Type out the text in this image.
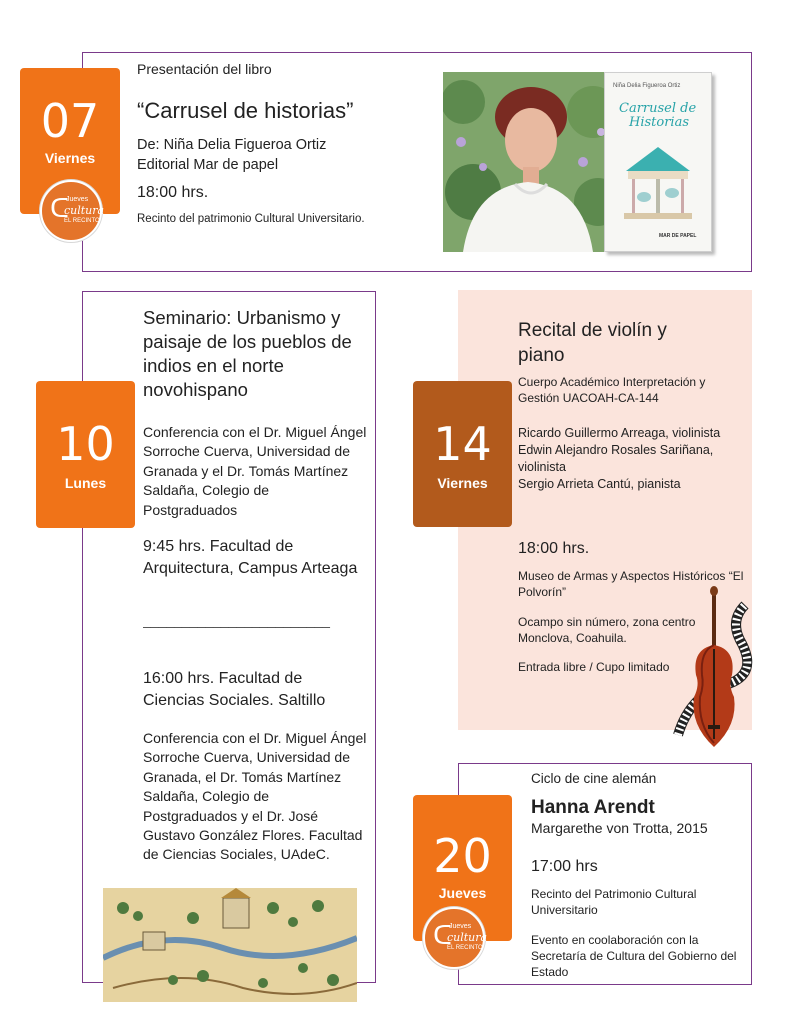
07
Viernes
ᑕ
Jueves
cultura
EL RECINTO

Presentación del libro

“Carrusel de historias”

De: Niña Delia Figueroa Ortiz

Editorial Mar de papel

18:00 hrs.

Recinto del patrimonio Cultural Universitario.

Niña Delia Figueroa Ortiz
Carrusel de
Historias
MAR DE PAPEL
10
Lunes

Seminario: Urbanismo y paisaje de los pueblos de indios en el norte novohispano

Conferencia con el Dr. Miguel Ángel Sorroche Cuerva, Universidad de Granada y el Dr. Tomás Martínez Saldaña, Colegio de Postgraduados

9:45 hrs. Facultad de Arquitectura, Campus Arteaga

________________________

16:00 hrs. Facultad de Ciencias Sociales. Saltillo

Conferencia con el Dr. Miguel Ángel Sorroche Cuerva, Universidad de Granada, el Dr. Tomás Martínez Saldaña, Colegio de Postgraduados y el Dr. José Gustavo González Flores. Facultad de Ciencias Sociales, UAdeC.

14
Viernes

Recital de violín y piano

Cuerpo Académico Interpretación y Gestión UACOAH-CA-144

Ricardo Guillermo Arreaga, violinista
Edwin Alejandro Rosales Sariñana, violinista
Sergio Arrieta Cantú, pianista

18:00 hrs.

Museo de Armas y Aspectos Históricos “El Polvorín”

Ocampo sin número, zona centro Monclova, Coahuila.

Entrada libre / Cupo limitado

20
Jueves
ᑕ
Jueves
cultura
EL RECINTO

Ciclo de cine alemán

Hanna Arendt

Margarethe von Trotta, 2015

17:00 hrs

Recinto del Patrimonio Cultural Universitario

Evento en coolaboración con la Secretaría de Cultura del Gobierno del Estado
